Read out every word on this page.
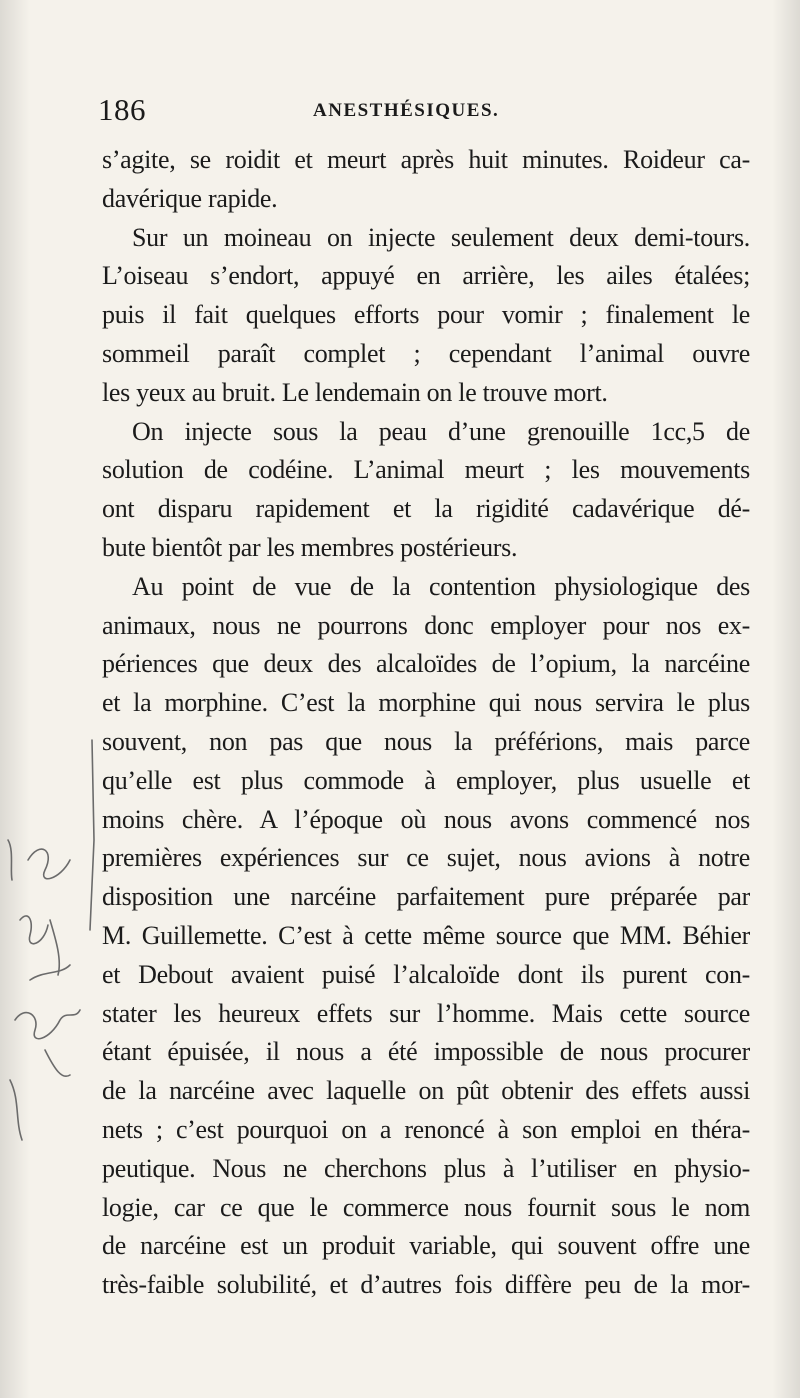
186	ANESTHÉSIQUES.
s’agite, se roidit et meurt après huit minutes. Roideur ca-
davérique rapide.
Sur un moineau on injecte seulement deux demi-tours.
L’oiseau s’endort, appuyé en arrière, les ailes étalées;
puis il fait quelques efforts pour vomir ; finalement le
sommeil paraît complet ; cependant l’animal ouvre
les yeux au bruit. Le lendemain on le trouve mort.
On injecte sous la peau d’une grenouille 1cc,5 de
solution de codéine. L’animal meurt ; les mouvements
ont disparu rapidement et la rigidité cadavérique dé-
bute bientôt par les membres postérieurs.
Au point de vue de la contention physiologique des
animaux, nous ne pourrons donc employer pour nos ex-
périences que deux des alcaloïdes de l’opium, la narcéine
et la morphine. C’est la morphine qui nous servira le plus
souvent, non pas que nous la préférions, mais parce
qu’elle est plus commode à employer, plus usuelle et
moins chère. A l’époque où nous avons commencé nos
premières expériences sur ce sujet, nous avions à notre
disposition une narcéine parfaitement pure préparée par
M. Guillemette. C’est à cette même source que MM. Béhier
et Debout avaient puisé l’alcaloïde dont ils purent con-
stater les heureux effets sur l’homme. Mais cette source
étant épuisée, il nous a été impossible de nous procurer
de la narcéine avec laquelle on pût obtenir des effets aussi
nets ; c’est pourquoi on a renoncé à son emploi en théra-
peutique. Nous ne cherchons plus à l’utiliser en physio-
logie, car ce que le commerce nous fournit sous le nom
de narcéine est un produit variable, qui souvent offre une
très-faible solubilité, et d’autres fois diffère peu de la mor-
